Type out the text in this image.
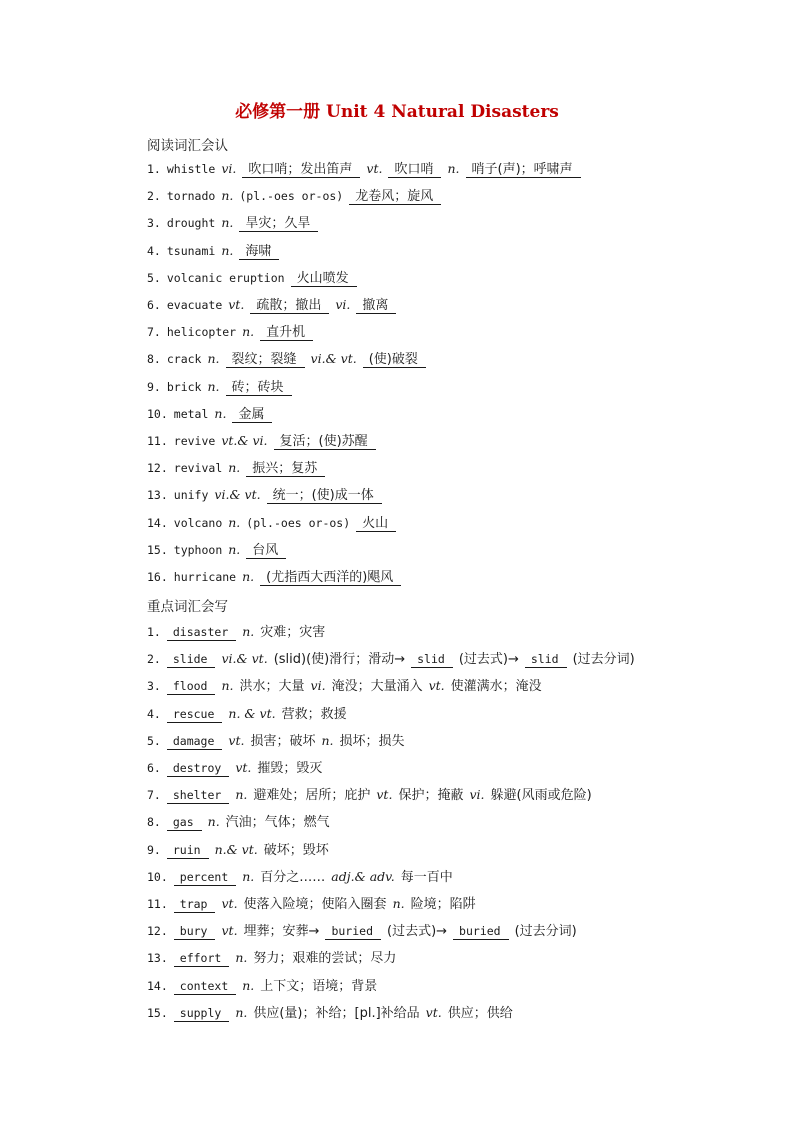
必修第一册 Unit 4 Natural Disasters
阅读词汇会认
1. whistle vi. 吹口哨；发出笛声 vt. 吹口哨 n. 哨子(声)；呼啸声
2. tornado n. (pl.-oes or-os) 龙卷风；旋风
3. drought n. 旱灾；久旱
4. tsunami n. 海啸
5. volcanic eruption 火山喷发
6. evacuate vt. 疏散；撤出 vi. 撤离
7. helicopter n. 直升机
8. crack n. 裂纹；裂缝 vi.& vt. (使)破裂
9. brick n. 砖；砖块
10. metal n. 金属
11. revive vt.& vi. 复活；(使)苏醒
12. revival n. 振兴；复苏
13. unify vi.& vt. 统一；(使)成一体
14. volcano n. (pl.-oes or-os) 火山
15. typhoon n. 台风
16. hurricane n. (尤指西大西洋的)飓风
重点词汇会写
1. disaster n. 灾难；灾害
2. slide vi.& vt. (slid)(使)滑行；滑动→ slid (过去式)→ slid (过去分词)
3. flood n. 洪水；大量 vi. 淹没；大量涌入 vt. 使灌满水；淹没
4. rescue n. & vt. 营救；救援
5. damage vt. 损害；破坏 n. 损坏；损失
6. destroy vt. 摧毁；毁灭
7. shelter n. 避难处；居所；庇护 vt. 保护；掩蔽 vi. 躲避(风雨或危险)
8. gas n. 汽油；气体；燃气
9. ruin n.& vt. 破坏；毁坏
10. percent n. 百分之…… adj.& adv. 每一百中
11. trap vt. 使落入险境；使陷入圈套 n. 险境；陷阱
12. bury vt. 埋葬；安葬→ buried (过去式)→ buried (过去分词)
13. effort n. 努力；艰难的尝试；尽力
14. context n. 上下文；语境；背景
15. supply n. 供应(量)；补给；[pl.]补给品 vt. 供应；供给
